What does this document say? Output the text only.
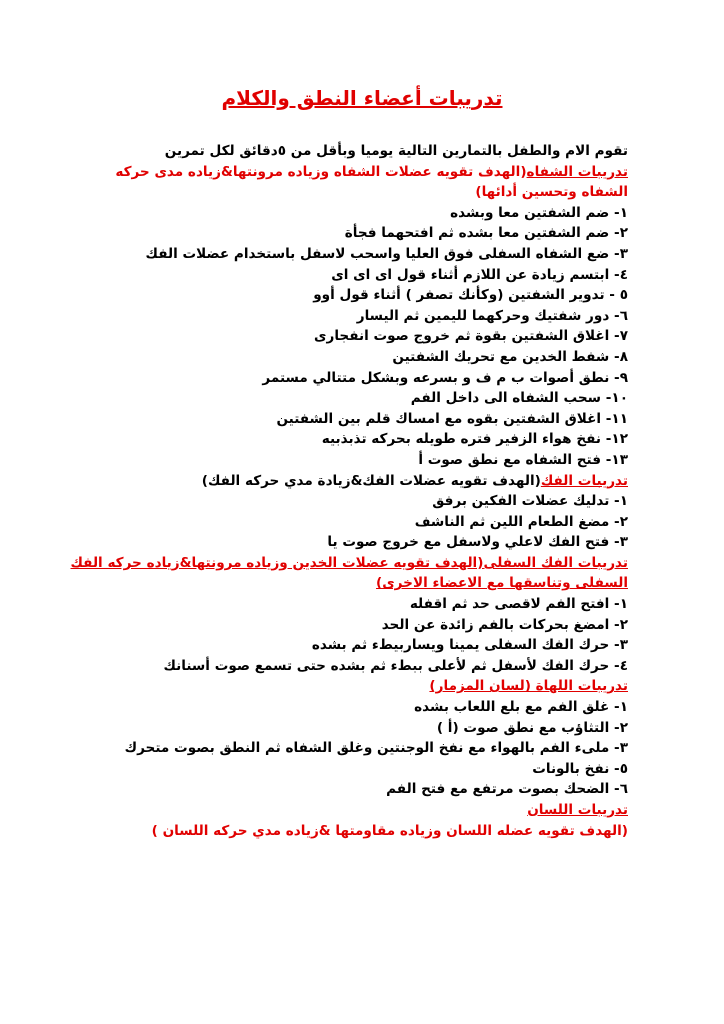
تدريبات أعضاء النطق والكلام
تقوم الام والطفل بالتمارين التالية يوميا وبأقل من ٥دقائق لكل تمرين
تدريبات الشفاه(الهدف تقويه عضلات الشفاه وزياده مرونتها&زياده مدى حركه الشفاه وتحسين أدائها)
١- ضم الشفتين معا وبشده
٢- ضم الشفتين معا بشده ثم افتحهما فجأة
٣- ضع الشفاه السفلى فوق العليا واسحب لاسفل باستخدام عضلات الفك
٤- ابتسم زيادة عن اللازم أثناء قول اى اى اى
٥ - تدوير الشفتين (وكأنك تصفر ) أثناء قول أوو
٦- دور شفتيك وحركهما لليمين ثم اليسار
٧- اغلاق الشفتين بقوة ثم خروج صوت انفجارى
٨- شفط الخدين مع تحريك الشفتين
٩- نطق أصوات ب م ف و بسرعه وبشكل متتالي مستمر
١٠- سحب الشفاه الى داخل الفم
١١- اغلاق الشفتين بقوه مع امساك قلم بين الشفتين
١٢- نفخ هواء الزفير فتره طويله بحركه تذبذبيه
١٣- فتح الشفاه مع نطق صوت أ
تدريبات الفك(الهدف تقويه عضلات الفك&زيادة مدي حركه الفك)
١- تدليك عضلات الفكين برفق
٢- مضغ الطعام اللين ثم الناشف
٣- فتح الفك لاعلي ولاسفل مع خروج صوت يا
تدريبات الفك السفلى(الهدف تقويه عضلات الخدين وزياده مرونتها&زياده حركه الفك السفلى وتناسقها مع الاعضاء الاخرى)
١- افتح الفم لاقصى حد ثم اقفله
٢- امضغ بحركات بالفم زائدة عن الحد
٣- حرك الفك السفلى يمينا ويساربيطء ثم بشده
٤- حرك الفك لأسفل ثم لأعلى ببطء ثم بشده حتى تسمع صوت أسنانك
تدريبات اللهاة (لسان المزمار)
١- غلق الفم مع بلع اللعاب بشده
٢- التثاؤب مع نطق صوت (أ )
٣- ملىء الفم بالهواء مع نفخ الوجنتين وغلق الشفاه ثم النطق بصوت متحرك
٥- نفخ بالونات
٦- الضحك بصوت مرتفع مع فتح الفم
تدريبات اللسان
(الهدف تقويه عضله اللسان وزياده مقاومتها &زياده مدي حركه اللسان )
